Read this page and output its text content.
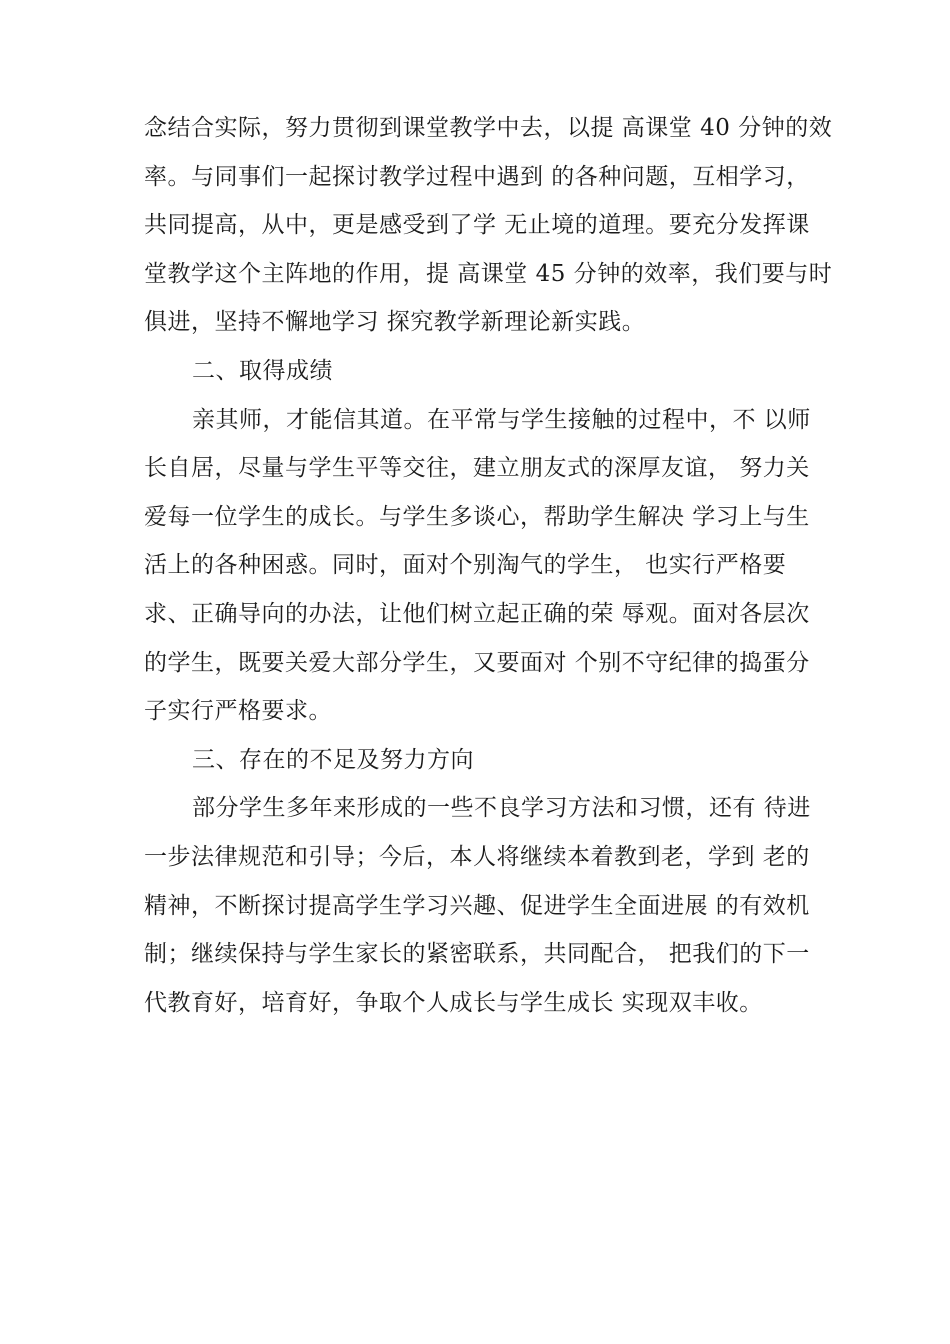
念结合实际，努力贯彻到课堂教学中去，以提 高课堂 40 分钟的效
率。与同事们一起探讨教学过程中遇到 的各种问题，互相学习，
共同提高，从中，更是感受到了学 无止境的道理。要充分发挥课
堂教学这个主阵地的作用，提 高课堂 45 分钟的效率，我们要与时
俱进，坚持不懈地学习 探究教学新理论新实践。
二、取得成绩
亲其师，才能信其道。在平常与学生接触的过程中，不 以师
长自居，尽量与学生平等交往，建立朋友式的深厚友谊， 努力关
爱每一位学生的成长。与学生多谈心，帮助学生解决 学习上与生
活上的各种困惑。同时，面对个别淘气的学生， 也实行严格要
求、正确导向的办法，让他们树立起正确的荣 辱观。面对各层次
的学生，既要关爱大部分学生，又要面对 个别不守纪律的捣蛋分
子实行严格要求。
三、存在的不足及努力方向
部分学生多年来形成的一些不良学习方法和习惯，还有 待进
一步法律规范和引导；今后，本人将继续本着教到老，学到 老的
精神，不断探讨提高学生学习兴趣、促进学生全面进展 的有效机
制；继续保持与学生家长的紧密联系，共同配合， 把我们的下一
代教育好，培育好，争取个人成长与学生成长 实现双丰收。
